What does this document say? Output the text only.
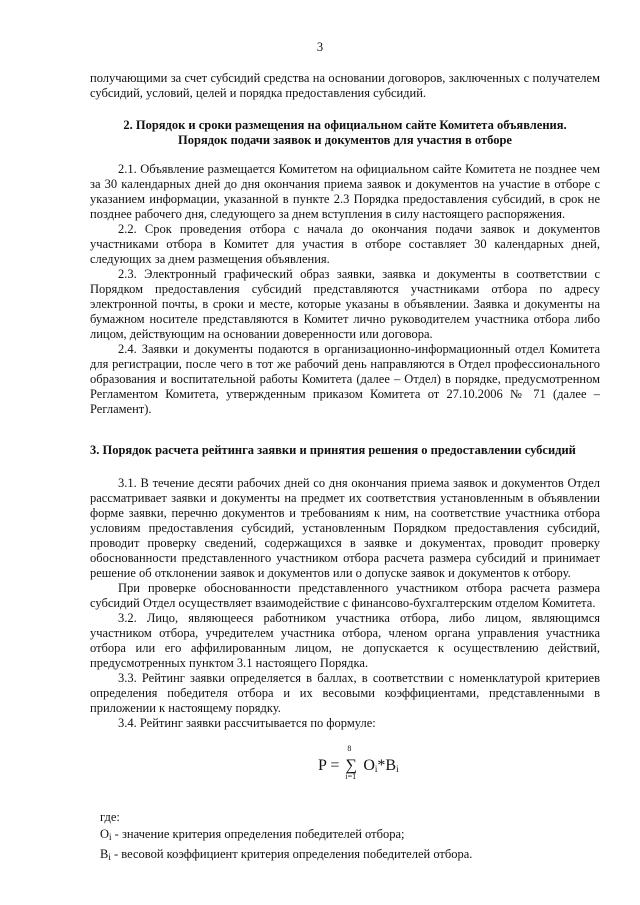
3

получающими за счет субсидий средства на основании договоров, заключенных с получателем субсидий, условий, целей и порядка предоставления субсидий.

2. Порядок и сроки размещения на официальном сайте Комитета объявления.
Порядок подачи заявок и документов для участия в отборе

2.1. Объявление размещается Комитетом на официальном сайте Комитета не позднее чем за 30 календарных дней до дня окончания приема заявок и документов на участие в отборе с указанием информации, указанной в пункте 2.3 Порядка предоставления субсидий, в срок не позднее рабочего дня, следующего за днем вступления в силу настоящего распоряжения.

2.2. Срок проведения отбора с начала до окончания подачи заявок и документов участниками отбора в Комитет для участия в отборе составляет 30 календарных дней, следующих за днем размещения объявления.

2.3. Электронный графический образ заявки, заявка и документы в соответствии с Порядком предоставления субсидий представляются участниками отбора по адресу электронной почты, в сроки и месте, которые указаны в объявлении. Заявка и документы на бумажном носителе представляются в Комитет лично руководителем участника отбора либо лицом, действующим на основании доверенности или договора.

2.4. Заявки и документы подаются в организационно-информационный отдел Комитета для регистрации, после чего в тот же рабочий день направляются в Отдел профессионального образования и воспитательной работы Комитета (далее – Отдел) в порядке, предусмотренном Регламентом Комитета, утвержденным приказом Комитета от 27.10.2006 № 71 (далее – Регламент).

3. Порядок расчета рейтинга заявки и принятия решения о предоставлении субсидий

3.1. В течение десяти рабочих дней со дня окончания приема заявок и документов Отдел рассматривает заявки и документы на предмет их соответствия установленным в объявлении форме заявки, перечню документов и требованиям к ним, на соответствие участника отбора условиям предоставления субсидий, установленным Порядком предоставления субсидий, проводит проверку сведений, содержащихся в заявке и документах, проводит проверку обоснованности представленного участником отбора расчета размера субсидий и принимает решение об отклонении заявок и документов или о допуске заявок и документов к отбору.

При проверке обоснованности представленного участником отбора расчета размера субсидий Отдел осуществляет взаимодействие с финансово-бухгалтерским отделом Комитета.

3.2. Лицо, являющееся работником участника отбора, либо лицом, являющимся участником отбора, учредителем участника отбора, членом органа управления участника отбора или его аффилированным лицом, не допускается к осуществлению действий, предусмотренных пунктом 3.1 настоящего Порядка.

3.3. Рейтинг заявки определяется в баллах, в соответствии с номенклатурой критериев определения победителя отбора и их весовыми коэффициентами, представленными в приложении к настоящему порядку.

3.4. Рейтинг заявки рассчитывается по формуле:

P =
8
∑
i=1
$O_i*B_i$
где:
$O_i$ - значение критерия определения победителей отбора;
$B_i$ - весовой коэффициент критерия определения победителей отбора.
